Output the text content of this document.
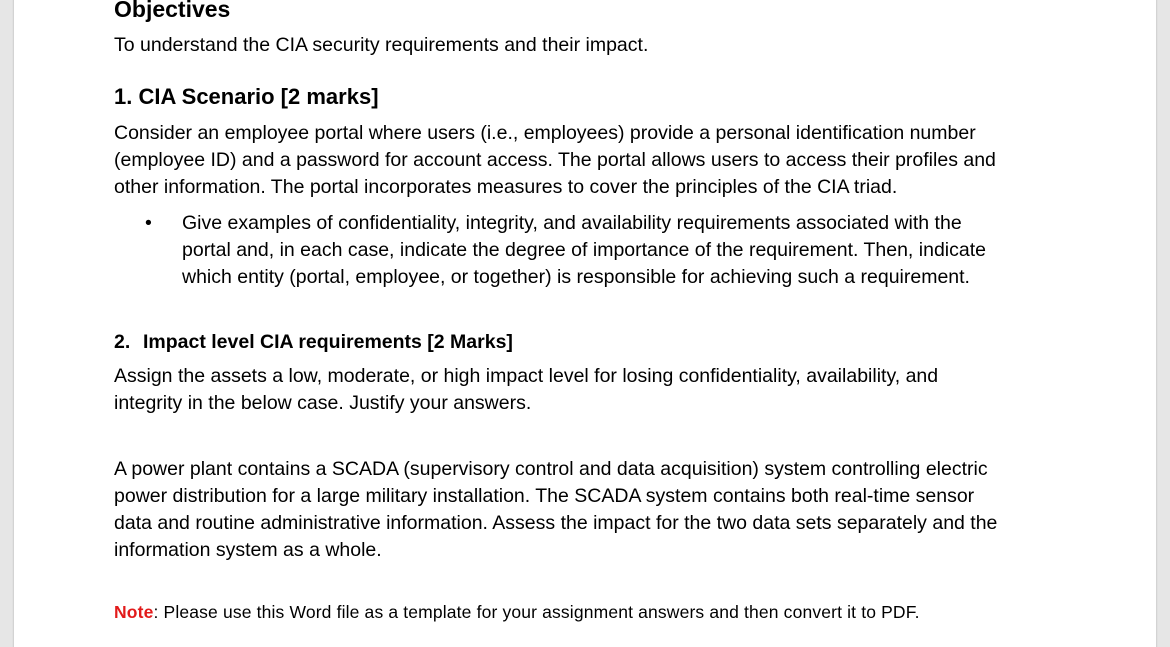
Objectives

To understand the CIA security requirements and their impact.

1. CIA Scenario [2 marks]

Consider an employee portal where users (i.e., employees) provide a personal identification number
(employee ID) and a password for account access. The portal allows users to access their profiles and
other information. The portal incorporates measures to cover the principles of the CIA triad.

• Give examples of confidentiality, integrity, and availability requirements associated with the
portal and, in each case, indicate the degree of importance of the requirement. Then, indicate
which entity (portal, employee, or together) is responsible for achieving such a requirement.

2. Impact level CIA requirements [2 Marks]

Assign the assets a low, moderate, or high impact level for losing confidentiality, availability, and
integrity in the below case. Justify your answers.

A power plant contains a SCADA (supervisory control and data acquisition) system controlling electric
power distribution for a large military installation. The SCADA system contains both real-time sensor
data and routine administrative information. Assess the impact for the two data sets separately and the
information system as a whole.

Note: Please use this Word file as a template for your assignment answers and then convert it to PDF.
